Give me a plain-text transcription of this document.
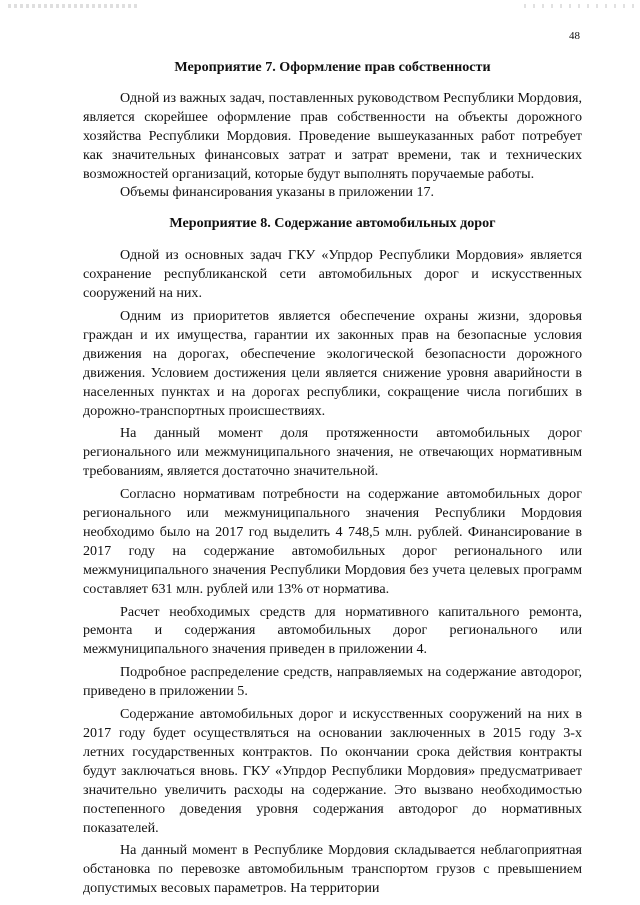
48
Мероприятие 7. Оформление прав собственности

Одной из важных задач, поставленных руководством Республики Мордовия, является скорейшее оформление прав собственности на объекты дорожного хозяйства Республики Мордовия. Проведение вышеуказанных работ потребует как значительных финансовых затрат и затрат времени, так и технических возможностей организаций, которые будут выполнять поручаемые работы.

Объемы финансирования указаны в приложении 17.

Мероприятие 8. Содержание автомобильных дорог

Одной из основных задач ГКУ «Упрдор Республики Мордовия» является сохранение республиканской сети автомобильных дорог и искусственных сооружений на них.

Одним из приоритетов является обеспечение охраны жизни, здоровья граждан и их имущества, гарантии их законных прав на безопасные условия движения на дорогах, обеспечение экологической безопасности дорожного движения. Условием достижения цели является снижение уровня аварийности в населенных пунктах и на дорогах республики, сокращение числа погибших в дорожно-транспортных происшествиях.

На данный момент доля протяженности автомобильных дорог регионального или межмуниципального значения, не отвечающих нормативным требованиям, является достаточно значительной.

Согласно нормативам потребности на содержание автомобильных дорог регионального или межмуниципального значения Республики Мордовия необходимо было на 2017 год выделить 4 748,5 млн. рублей. Финансирование в 2017 году на содержание автомобильных дорог регионального или межмуниципального значения Республики Мордовия без учета целевых программ составляет 631 млн. рублей или 13% от норматива.

Расчет необходимых средств для нормативного капитального ремонта, ремонта и содержания автомобильных дорог регионального или межмуниципального значения приведен в приложении 4.

Подробное распределение средств, направляемых на содержание автодорог, приведено в приложении 5.

Содержание автомобильных дорог и искусственных сооружений на них в 2017 году будет осуществляться на основании заключенных в 2015 году 3-х летних государственных контрактов. По окончании срока действия контракты будут заключаться вновь. ГКУ «Упрдор Республики Мордовия» предусматривает значительно увеличить расходы на содержание. Это вызвано необходимостью постепенного доведения уровня содержания автодорог до нормативных показателей.

На данный момент в Республике Мордовия складывается неблагоприятная обстановка по перевозке автомобильным транспортом грузов с превышением допустимых весовых параметров. На территории
